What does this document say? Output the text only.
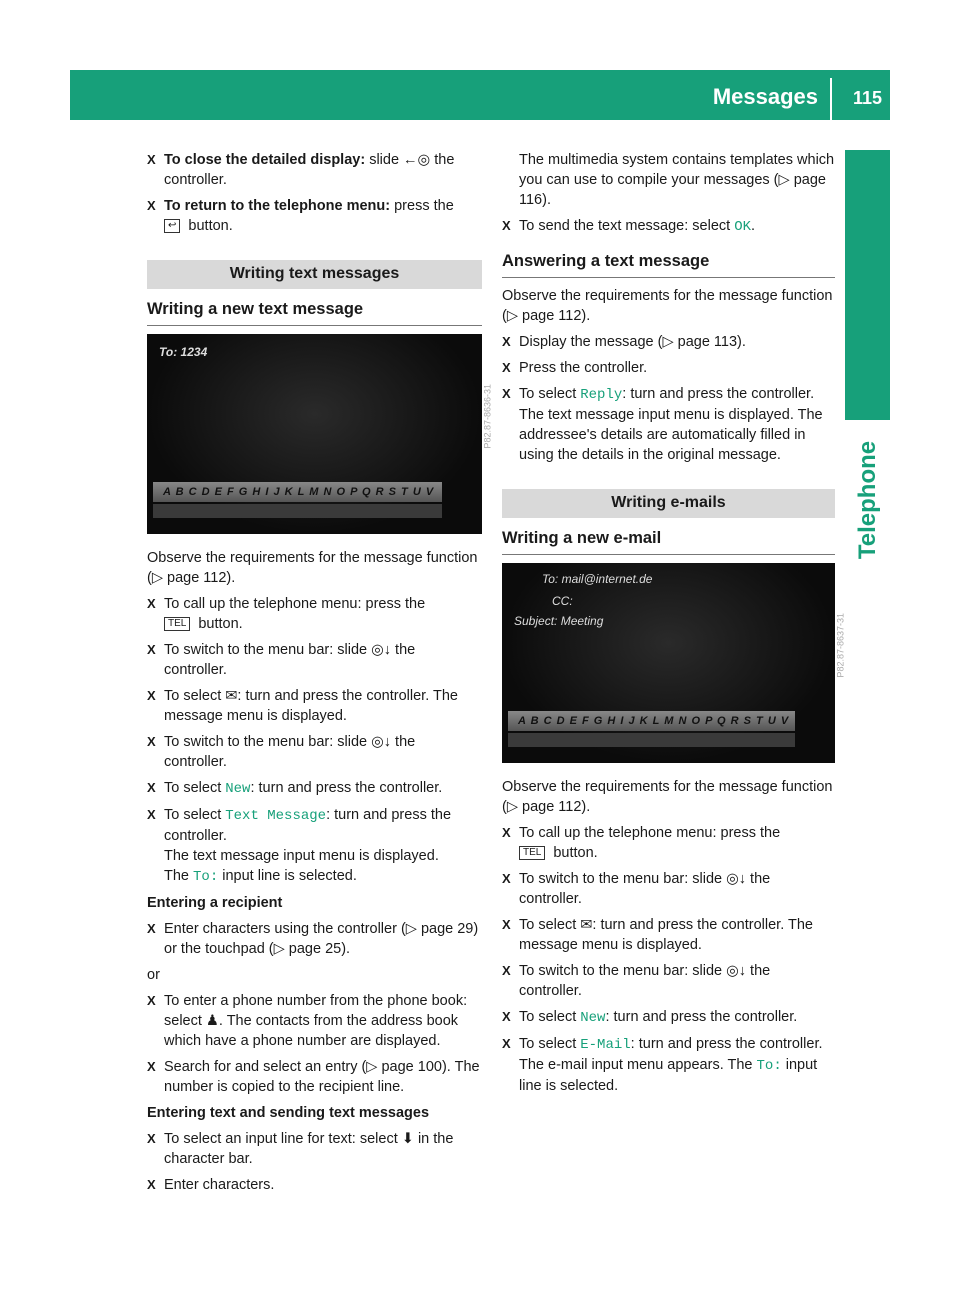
Messages 115
Telephone
X To close the detailed display: slide ←◎ the controller.
X To return to the telephone menu: press the
↩ button.
Writing text messages
Writing a new text message
To: 1234
A B C D E F G H I J K L M N O P Q R S T U V
P82.87-8636-31

Observe the requirements for the message function (▷ page 112).

X To call up the telephone menu: press the
TEL button.
X To switch to the menu bar: slide ◎↓ the controller.
X To select ✉: turn and press the controller. The message menu is displayed.
X To switch to the menu bar: slide ◎↓ the controller.
X To select New: turn and press the controller.
X To select Text Message: turn and press the controller.
The text message input menu is displayed.
The To: input line is selected.
Entering a recipient
X Enter characters using the controller (▷ page 29) or the touchpad (▷ page 25).

or

X To enter a phone number from the phone book: select ♟. The contacts from the address book which have a phone number are displayed.
X Search for and select an entry (▷ page 100). The number is copied to the recipient line.
Entering text and sending text messages
X To select an input line for text: select ⬇ in the character bar.
X Enter characters.

The multimedia system contains templates which you can use to compile your messages (▷ page 116).

X To send the text message: select OK.
Answering a text message

Observe the requirements for the message function (▷ page 112).

X Display the message (▷ page 113).
X Press the controller.
X To select Reply: turn and press the controller.
The text message input menu is displayed. The addressee's details are automatically filled in using the details in the original message.
Writing e-mails
Writing a new e-mail
To: mail@internet.de
CC:
Subject: Meeting
A B C D E F G H I J K L M N O P Q R S T U V
P82.87-8637-31

Observe the requirements for the message function (▷ page 112).

X To call up the telephone menu: press the
TEL button.
X To switch to the menu bar: slide ◎↓ the controller.
X To select ✉: turn and press the controller. The message menu is displayed.
X To switch to the menu bar: slide ◎↓ the controller.
X To select New: turn and press the controller.
X To select E-Mail: turn and press the controller.
The e-mail input menu appears. The To: input line is selected.
